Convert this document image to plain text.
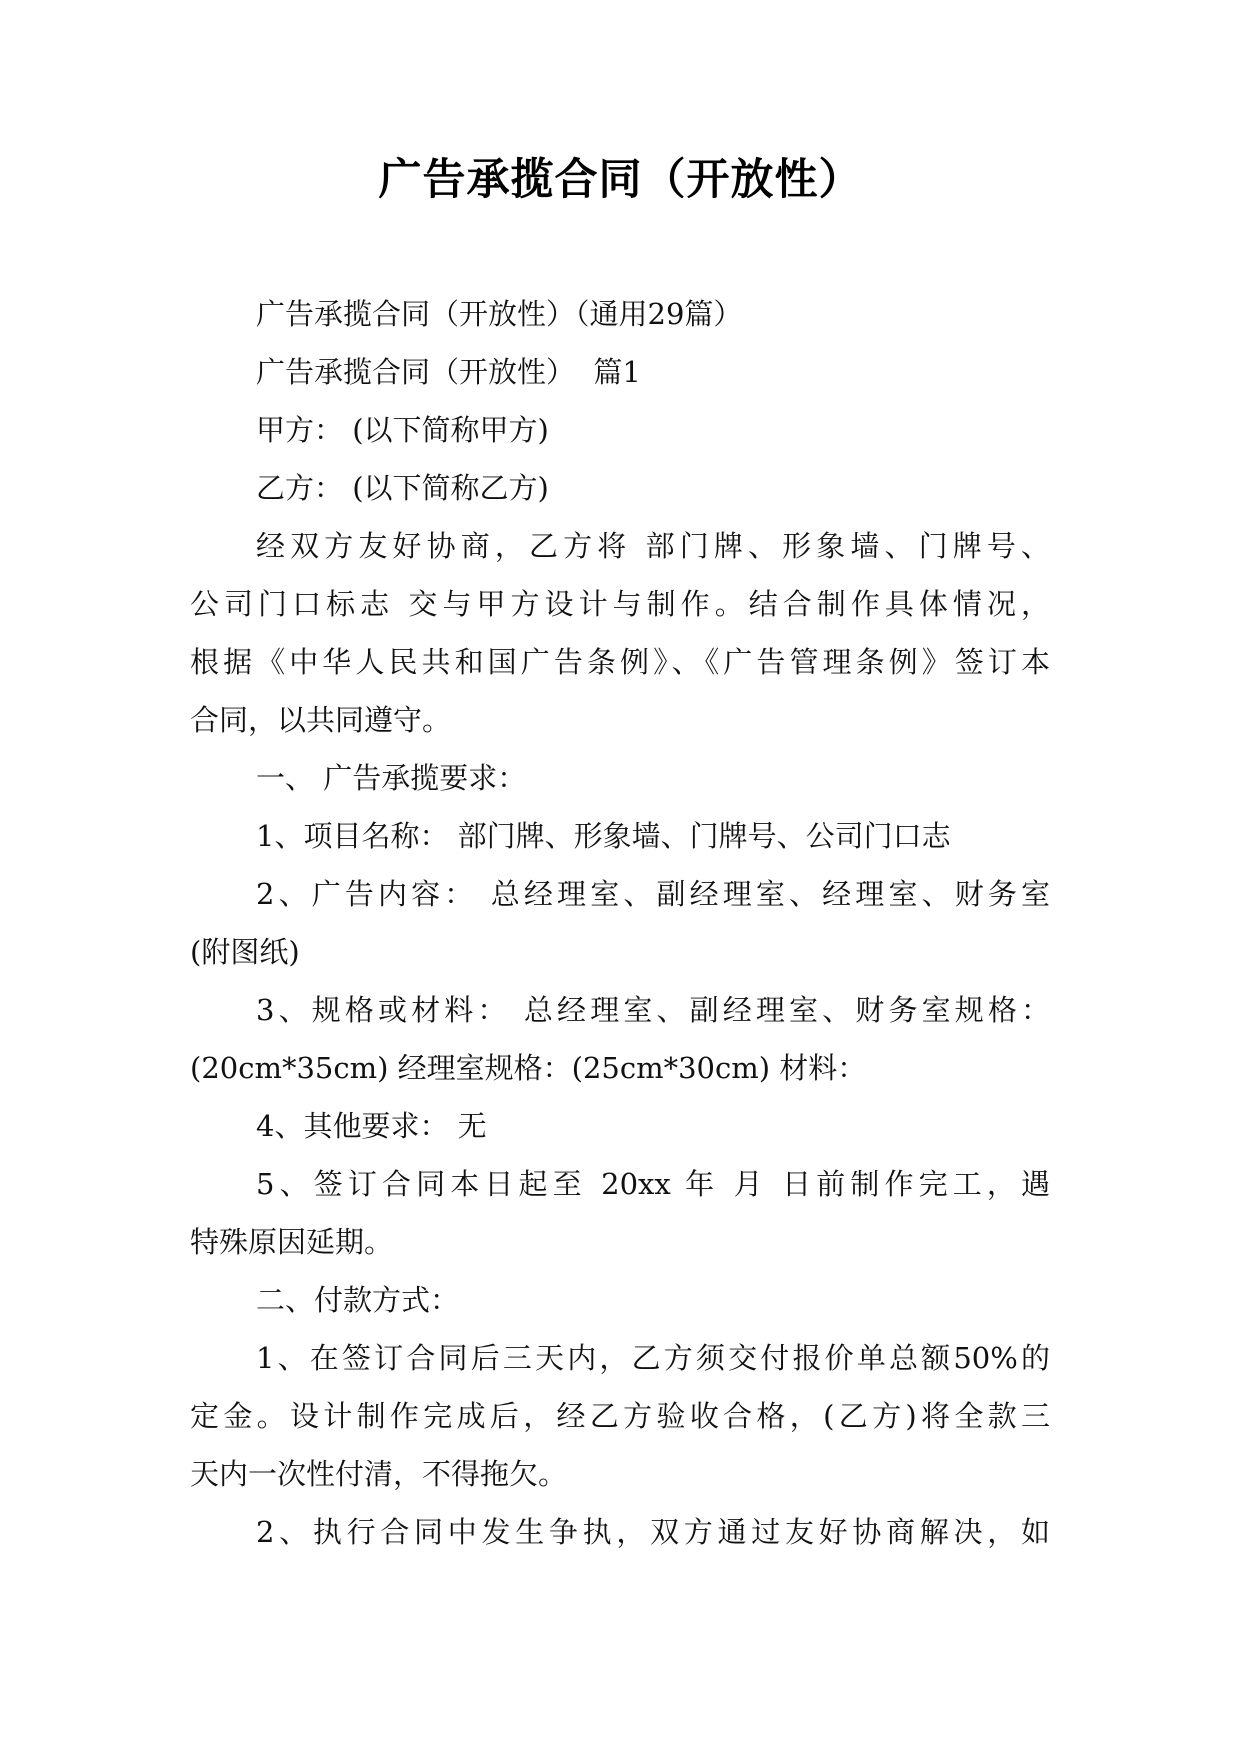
广告承揽合同（开放性）
广告承揽合同（开放性）（通用29篇）
广告承揽合同（开放性）  篇1
甲方： (以下简称甲方)
乙方： (以下简称乙方)
经双方友好协商，乙方将 部门牌、形象墙、门牌号、
公司门口标志 交与甲方设计与制作。结合制作具体情况，
根据《中华人民共和国广告条例》、《广告管理条例》签订本
合同，以共同遵守。
一、 广告承揽要求：
1、项目名称： 部门牌、形象墙、门牌号、公司门口志
2、广告内容： 总经理室、副经理室、经理室、财务室
(附图纸)
3、规格或材料： 总经理室、副经理室、财务室规格：
(20cm*35cm) 经理室规格：(25cm*30cm) 材料：
4、其他要求： 无
5、签订合同本日起至 20xx 年 月 日前制作完工，遇
特殊原因延期。
二、付款方式：
1、在签订合同后三天内，乙方须交付报价单总额50%的
定金。设计制作完成后，经乙方验收合格，(乙方)将全款三
天内一次性付清，不得拖欠。
2、执行合同中发生争执，双方通过友好协商解决，如
